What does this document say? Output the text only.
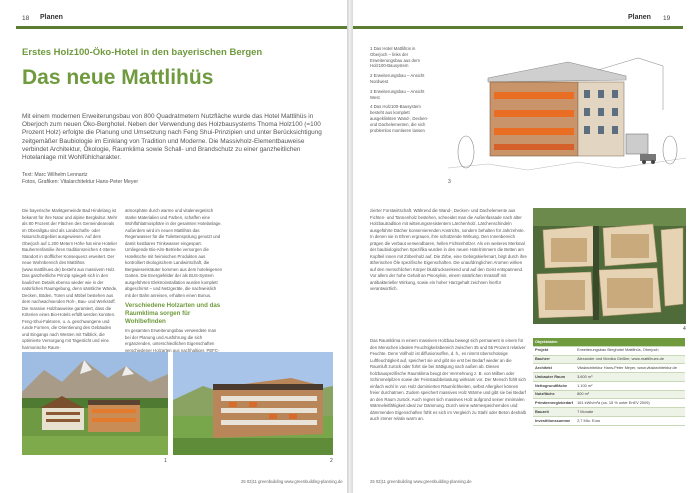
18 Planen
Erstes Holz100-Öko-Hotel in den bayerischen Bergen
Das neue Mattlihüs
Mit einem modernen Erweiterungsbau von 800 Quadratmetern Nutzfläche wurde das Hotel Mattlihüs in Oberjoch zum neuen Öko-Berghotel. Neben der Verwendung des Holzbausystems Thoma Holz100 (=100 Prozent Holz) erfolgte die Planung und Umsetzung nach Feng Shui-Prinzipien und unter Berücksichtigung zeitgemäßer Baubiologie im Einklang von Tradition und Moderne. Die Massivholz-Elementbauweise verbindet Architektur, Ökologie, Raumklima sowie Schall- und Brandschutz zu einer ganzheitlichen Hotelanlage mit Wohlfühlcharakter.
Text: Marc Wilhelm Lennartz
Fotos, Grafiken: Vitalarchitektur Hans-Peter Meyer
Die bayerische Marktgemeinde Bad Hindelang ist bekannt für ihre Natur und alpine Bergkultur. Mehr als 80 Prozent der Flächen des Gemeindeareals im Oberallgäu sind als Landschafts- oder Naturschutzgebiet ausgewiesen. Auf dem Oberjoch auf 1.200 Metern Höhe hat eine Hotelier Bauherrenfamilie ihren traditionsreichen 4-Sterne Standort in stofflicher Konsequenz erweitert. Der neue Wohnbereich des Mattlihüs (www.mattlihues.de) besteht aus massivem Holz. Das ganzheitliche Prinzip spiegelt sich in den baulichen Details ebenso wieder wie in der natürlichen Raumgebung, denn sämtliche Wände, Decken, Böden, Türen und Möbel bestehen aus dem nachwachsenden Roh-, Bau- und Werkstoff. Die massive Holzbauweise garantiert, dass die Kriterien eines Bio-Hotels erfüllt werden konnten. Feng-Shui-Faktoren, u. a. geschwungene und runde Formen, die Orientierung des Gebäudes und Eingangs nach Westen mit Talblick, die optimierte Versorgung mit Tageslicht und eine harmonische Raum-
atmosphäre durch warme und vitalenergetisch starke Materialien und Farben, schaffen eine Wohlfühlatmosphäre in der gesamten Hotelanlage. Außerdem wird im neuen Mattlihüs das Regenwasser für die Toilettenspülung genutzt und damit kostbares Trinkwasser eingespart. Umliegende Bio-Alm-Betriebe versorgen die Hotelküche mit heimischen Produkten aus kontrolliert ökologischem Landwirtschaft, die Bergwiesenkräuter kommen aus dem hoteleigenen Garten. Die Energiefelder der als BUS-System ausgeführten Elektroinstallation wurden komplett abgeschirmt – und Netzgeräte, die nachweislich mit der Bahn anreisen, erhalten einen Bonus.
Verschiedene Holzarten und das Raumklima sorgen für Wohlbefinden
Im gesamten Erweiterungsbau verwendete man bei der Planung und Ausführung die sich ergänzenden, unterschiedlichen Eigenschaften verschiedener Holzarten aus nachhaltiger, PEFC-
1	2
25 02|11 greenbuilding www.greenbuilding-planning.de
Planen 19

1 Das Hotel Mattlihüs in Oberjoch – links der Erweiterungsbau aus dem Holz100-Bausystem

2 Erweiterungsbau – Ansicht Nordwest

3 Erweiterungsbau – Ansicht West

4 Das Holz100-Bausystem besteht aus komplett ausgeklinkten Wand-, Decken- und Dachelementen, die sich problemlos montieren lassen

3
zierter Forstwirtschaft. Während die Wand-, Decken- und Dachelemente aus Fichten- und Tannenholz bestehen, schneidet man die Außenfassade nach alter Holzbautradition mit witterungsresistentem Lärchenholz. Lärchenschindeln ausgeführte Dächer konservierenden Anstrichs, sondern behalten für Jahrzehnte. In denen sie in Ehren ergrauen, ihre schützende Wirkung. Den Innenbereich prägen die verbaut verwendbaren, hellen Fichtenhölzer. Als ein weiteres Merkmal der baubiologischen Spezifika wurden in den neuen Hotelzimmern die Betten am Kopfteil innen mit Zirbenholz auf. Die Zirbe, eine Gebirgskiefernart, birgt durch ihre ätherischen Öle spezifische Eigenschaften. Die unaufdringlichen Aromen wirken auf den menschlichen Körper blutdrucksenkend und auf den Geist entspannend. Vor allem der hohe Gehalt an Pinosylvin, einem natürlichen Inrastoff mit antibakterieller Wirkung, sowie ein hoher Harzgehalt zeichnen hierfür verantwortlich.
Das Raumklima in einem massiven Holzbau bewegt sich permanent in einem für den Menschen idealen Feuchtigkeitsbereich zwischen 35 und 55 Prozent relativer Feuchte. Denn Vollholz ist diffusionsoffen, d. h., es nimmt überschüssige Luftfeuchtigkeit auf, speichert sie und gibt sie erst bei Bedarf wieder an die Raumluft zurück oder führt sie bei Sättigung nach außen ab. Dieses holzbauspezifische Raumklima beugt der Vermehrung z. B. von Milben oder Schimmelpilzen sowie der Feinstaubbelastung wirksam vor. Der Mensch fühlt sich einfach wohl in von Holz dominierten Räumlichkeiten, selbst Allergiker können freier durchatmen. Zudem speichert massives Holz Wärme und gibt sie bei Bedarf an den Raum zurück. Auch regnet sich massives Holz aufgrund seiner minimalen Wärmeleitfähigkeit ideal zur Dämmung. Durch seine wärmespeichernden und dämmenden Eigenschaften fühlt es sich im Vergleich zu Stahl oder Beton deshalb auch immer relativ warm an.
4
Objektdaten	
Projekt	Erweiterungsbau Berghotel Mattlihüs, Oberjoch
Bauherr	Alexander und Monika Geißler, www.mattlihues.de
Architekt	Vitalarchitektur Hans-Peter Meyer, www.vitalarchitektur.de
Umbauter Raum	3.600 m³
Nettogrundfläche	1.100 m²
Nutzfläche	800 m²
Primärenergiebedarf	161 kWh/m²a (ca. 15 % unter EnEV 2009)
Bauzeit	7 Monate
Investitionssumme	2,7 Mio. Euro
25 02|11 greenbuilding www.greenbuilding-planning.de
